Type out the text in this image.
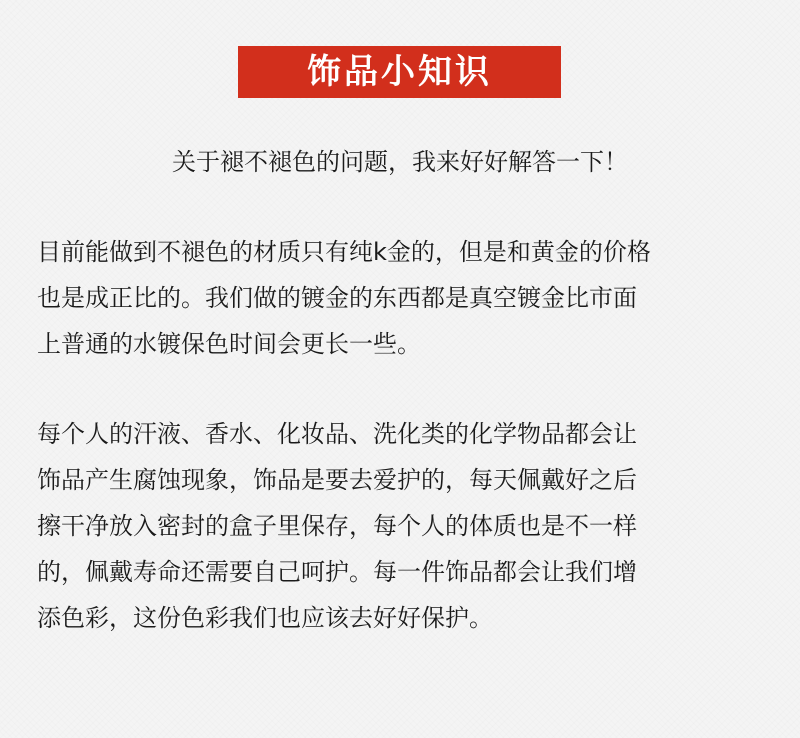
饰品小知识
关于褪不褪色的问题，我来好好解答一下！
目前能做到不褪色的材质只有纯k金的，但是和黄金的价格
也是成正比的。我们做的镀金的东西都是真空镀金比市面
上普通的水镀保色时间会更长一些。
每个人的汗液、香水、化妆品、洗化类的化学物品都会让
饰品产生腐蚀现象，饰品是要去爱护的，每天佩戴好之后
擦干净放入密封的盒子里保存，每个人的体质也是不一样
的，佩戴寿命还需要自己呵护。每一件饰品都会让我们增
添色彩，这份色彩我们也应该去好好保护。
